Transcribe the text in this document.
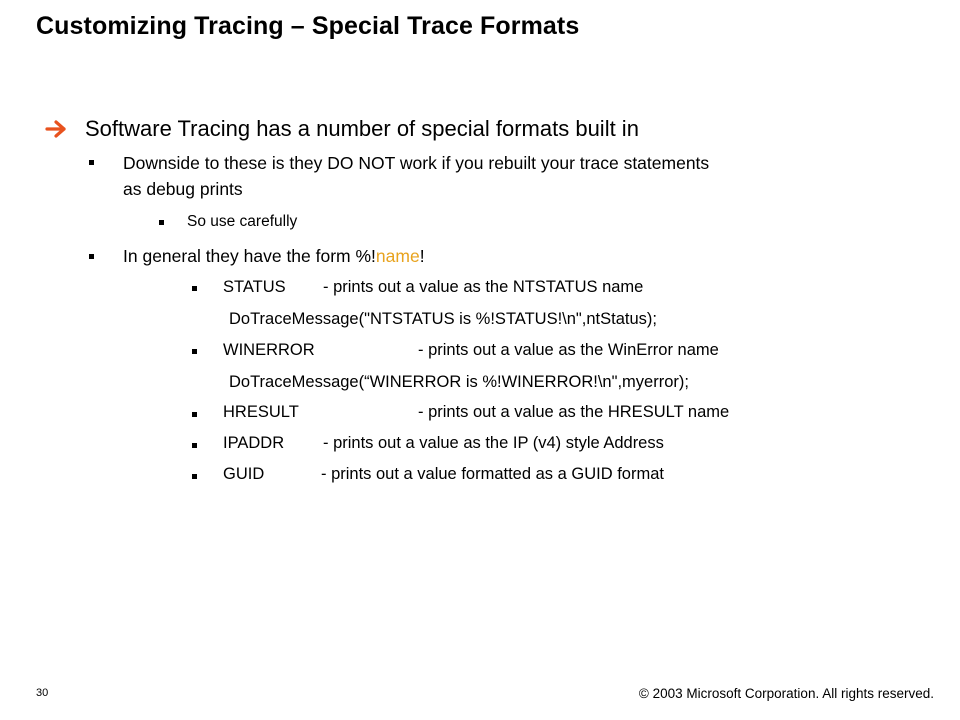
Customizing Tracing – Special Trace Formats
Software Tracing has a number of special formats built in
Downside to these is they DO NOT work if you rebuilt your trace statements
as debug prints
So use carefully
In general they have the form %!name!
STATUS - prints out a value as the NTSTATUS name
DoTraceMessage("NTSTATUS is %!STATUS!\n",ntStatus);
WINERROR	- prints out a value as the WinError name
DoTraceMessage(“WINERROR is %!WINERROR!\n",myerror);
HRESULT	- prints out a value as the HRESULT name
IPADDR - prints out a value as the IP (v4) style Address
GUID	- prints out a value formatted as a GUID format
30	© 2003 Microsoft Corporation. All rights reserved.
